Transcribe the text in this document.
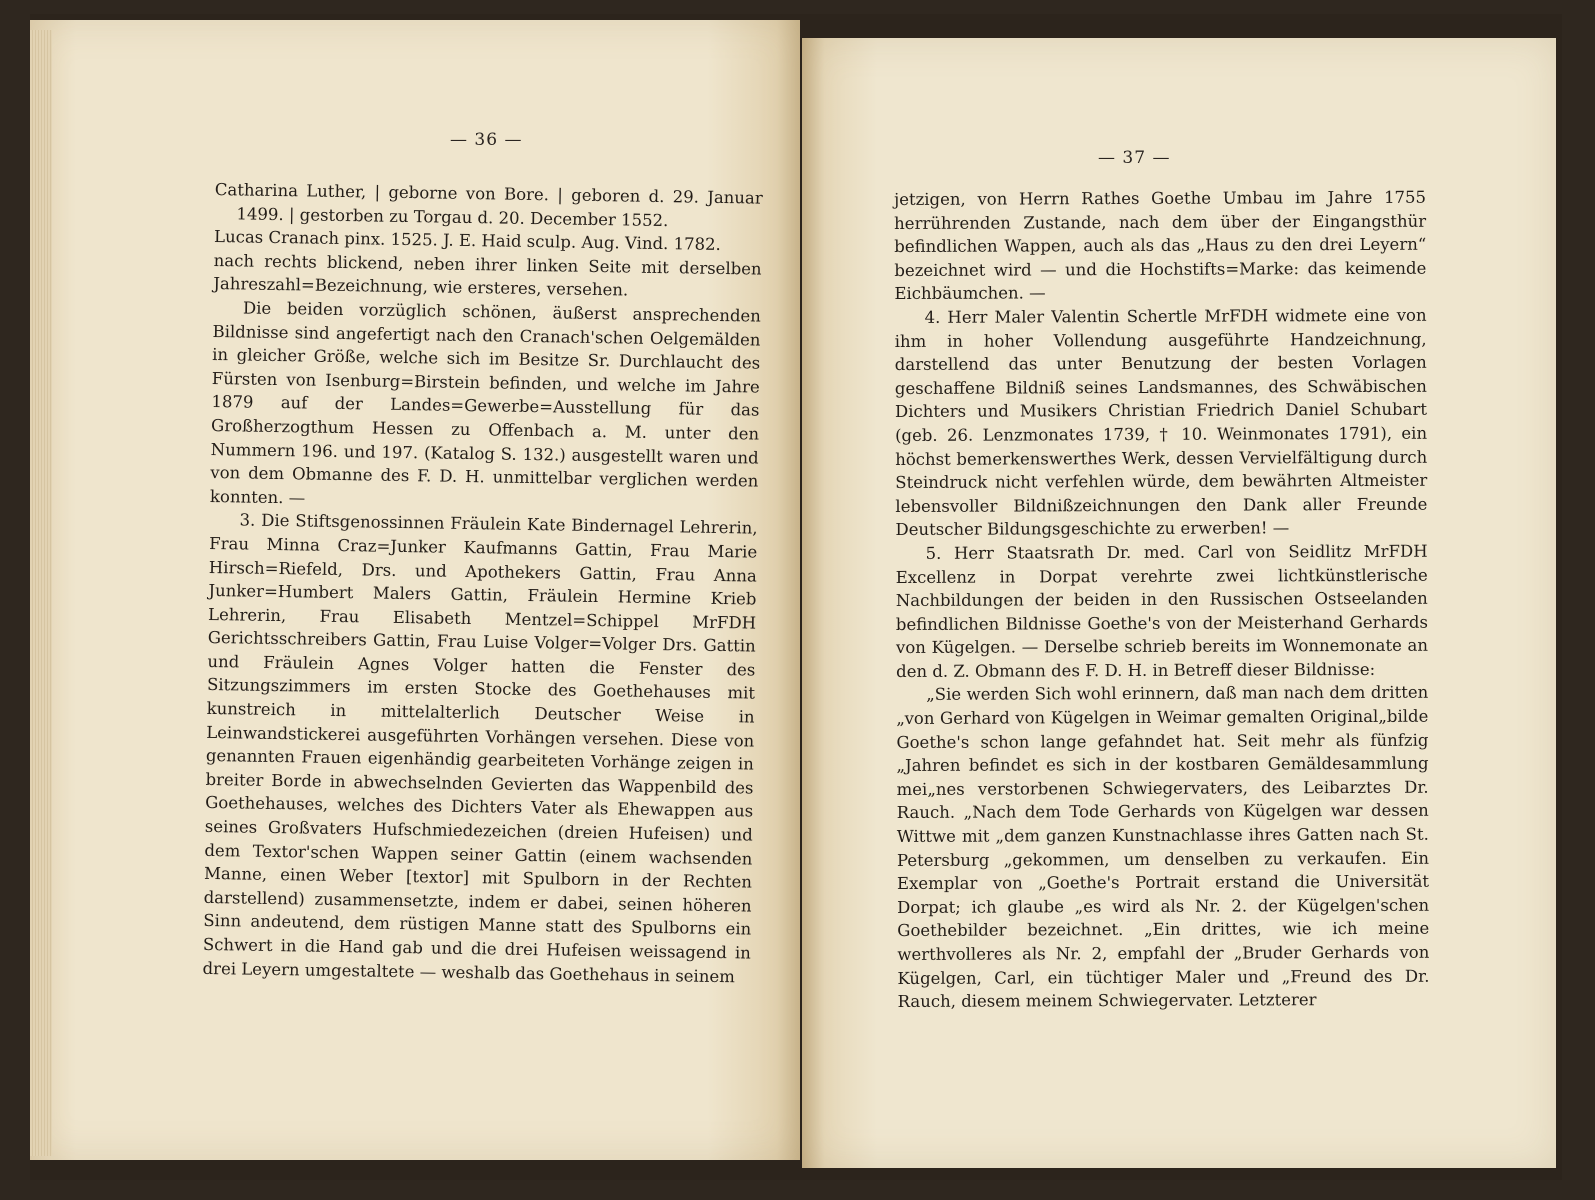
— 36 —

Catharina Luther, | geborne von Bore. | geboren d. 29. Januar 1499. | gestorben zu Torgau d. 20. December 1552.

Lucas Cranach pinx. 1525. J. E. Haid sculp. Aug. Vind. 1782.

nach rechts blickend, neben ihrer linken Seite mit derselben Jahreszahl=Bezeichnung, wie ersteres, versehen.

Die beiden vorzüglich schönen, äußerst ansprechenden Bildnisse sind angefertigt nach den Cranach'schen Oelgemälden in gleicher Größe, welche sich im Besitze Sr. Durchlaucht des Fürsten von Isenburg=Birstein befinden, und welche im Jahre 1879 auf der Landes=Gewerbe=Ausstellung für das Großherzogthum Hessen zu Offenbach a. M. unter den Nummern 196. und 197. (Katalog S. 132.) ausgestellt waren und von dem Obmanne des F. D. H. unmittelbar verglichen werden konnten. —

3. Die Stiftsgenossinnen Fräulein Kate Bindernagel Lehrerin, Frau Minna Craz=Junker Kaufmanns Gattin, Frau Marie Hirsch=Riefeld, Drs. und Apothekers Gattin, Frau Anna Junker=Humbert Malers Gattin, Fräulein Hermine Krieb Lehrerin, Frau Elisabeth Mentzel=Schippel MrFDH Gerichtsschreibers Gattin, Frau Luise Volger=Volger Drs. Gattin und Fräulein Agnes Volger hatten die Fenster des Sitzungszimmers im ersten Stocke des Goethehauses mit kunstreich in mittelalterlich Deutscher Weise in Leinwandstickerei ausgeführten Vorhängen versehen. Diese von genannten Frauen eigenhändig gearbeiteten Vorhänge zeigen in breiter Borde in abwechselnden Gevierten das Wappenbild des Goethehauses, welches des Dichters Vater als Ehewappen aus seines Großvaters Hufschmiedezeichen (dreien Hufeisen) und dem Textor'schen Wappen seiner Gattin (einem wachsenden Manne, einen Weber [textor] mit Spulborn in der Rechten darstellend) zusammensetzte, indem er dabei, seinen höheren Sinn andeutend, dem rüstigen Manne statt des Spulborns ein Schwert in die Hand gab und die drei Hufeisen weissagend in drei Leyern umgestaltete — weshalb das Goethehaus in seinem

— 37 —

jetzigen, von Herrn Rathes Goethe Umbau im Jahre 1755 herrührenden Zustande, nach dem über der Eingangsthür befindlichen Wappen, auch als das „Haus zu den drei Leyern“ bezeichnet wird — und die Hochstifts=Marke: das keimende Eichbäumchen. —

4. Herr Maler Valentin Schertle MrFDH widmete eine von ihm in hoher Vollendung ausgeführte Handzeichnung, darstellend das unter Benutzung der besten Vorlagen geschaffene Bildniß seines Landsmannes, des Schwäbischen Dichters und Musikers Christian Friedrich Daniel Schubart (geb. 26. Lenzmonates 1739, † 10. Weinmonates 1791), ein höchst bemerkenswerthes Werk, dessen Vervielfältigung durch Steindruck nicht verfehlen würde, dem bewährten Altmeister lebensvoller Bildnißzeichnungen den Dank aller Freunde Deutscher Bildungsgeschichte zu erwerben! —

5. Herr Staatsrath Dr. med. Carl von Seidlitz MrFDH Excellenz in Dorpat verehrte zwei lichtkünstlerische Nachbildungen der beiden in den Russischen Ostseelanden befindlichen Bildnisse Goethe's von der Meisterhand Gerhards von Kügelgen. — Derselbe schrieb bereits im Wonnemonate an den d. Z. Obmann des F. D. H. in Betreff dieser Bildnisse:

„Sie werden Sich wohl erinnern, daß man nach dem dritten „von Gerhard von Kügelgen in Weimar gemalten Original„bilde Goethe's schon lange gefahndet hat. Seit mehr als fünfzig „Jahren befindet es sich in der kostbaren Gemäldesammlung mei„nes verstorbenen Schwiegervaters, des Leibarztes Dr. Rauch. „Nach dem Tode Gerhards von Kügelgen war dessen Wittwe mit „dem ganzen Kunstnachlasse ihres Gatten nach St. Petersburg „gekommen, um denselben zu verkaufen. Ein Exemplar von „Goethe's Portrait erstand die Universität Dorpat; ich glaube „es wird als Nr. 2. der Kügelgen'schen Goethebilder bezeichnet. „Ein drittes, wie ich meine werthvolleres als Nr. 2, empfahl der „Bruder Gerhards von Kügelgen, Carl, ein tüchtiger Maler und „Freund des Dr. Rauch, diesem meinem Schwiegervater. Letzterer
